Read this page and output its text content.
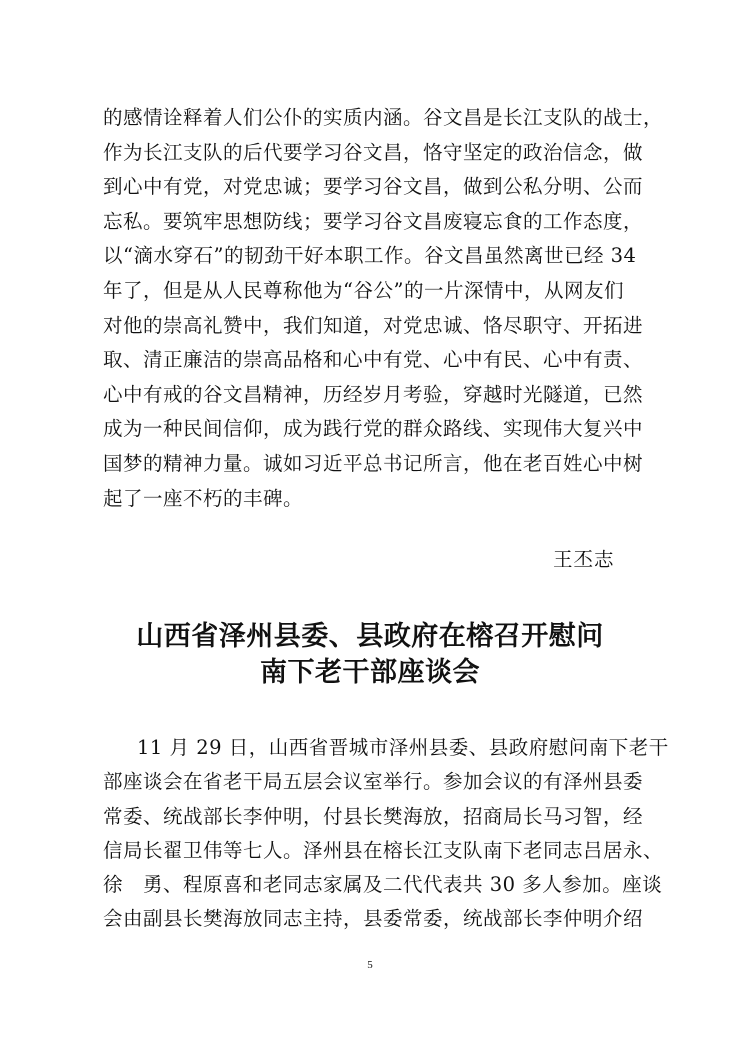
的感情诠释着人们公仆的实质内涵。谷文昌是长江支队的战士，
作为长江支队的后代要学习谷文昌，恪守坚定的政治信念，做
到心中有党，对党忠诚；要学习谷文昌，做到公私分明、公而
忘私。要筑牢思想防线；要学习谷文昌废寝忘食的工作态度，
以“滴水穿石”的韧劲干好本职工作。谷文昌虽然离世已经 34
年了，但是从人民尊称他为“谷公”的一片深情中，从网友们
对他的崇高礼赞中，我们知道，对党忠诚、恪尽职守、开拓进
取、清正廉洁的崇高品格和心中有党、心中有民、心中有责、
心中有戒的谷文昌精神，历经岁月考验，穿越时光隧道，已然
成为一种民间信仰，成为践行党的群众路线、实现伟大复兴中
国梦的精神力量。诚如习近平总书记所言，他在老百姓心中树
起了一座不朽的丰碑。
王丕志
山西省泽州县委、县政府在榕召开慰问
南下老干部座谈会
11 月 29 日，山西省晋城市泽州县委、县政府慰问南下老干
部座谈会在省老干局五层会议室举行。参加会议的有泽州县委
常委、统战部长李仲明，付县长樊海放，招商局长马习智，经
信局长翟卫伟等七人。泽州县在榕长江支队南下老同志吕居永、
徐　勇、程原喜和老同志家属及二代代表共 30 多人参加。座谈
会由副县长樊海放同志主持，县委常委，统战部长李仲明介绍
5
